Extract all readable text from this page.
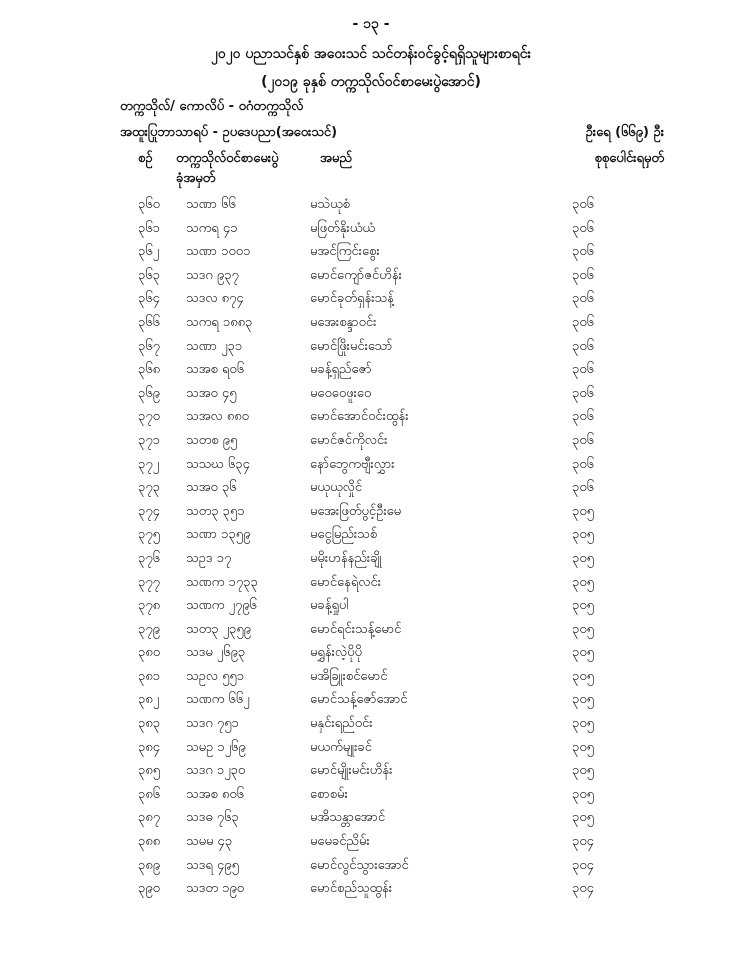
- ၁၃ -
၂၀၂၀ ပညာသင်နှစ် အဝေးသင် သင်တန်းဝင်ခွင့်ရရှိသူများစာရင်း
(၂၀၁၉ ခုနှစ် တက္ကသိုလ်ဝင်စာမေးပွဲအောင်)
တက္ကသိုလ်/ ကောလိပ် - ဝဂံတက္ကသိုလ်
အထူးပြုဘာသာရပ် - ဥပဒေပညာ(အဝေးသင်)	ဦးရေ (၆၆၉) ဦး
စဉ် တက္ကသိုလ်ဝင်စာမေးပွဲ
ခုံအမှတ်
အမည်	စုစုပေါင်းရမှတ်
၃၆၀ သဏာ ၆၆	မသဲယုစံ	၃၀၆
၃၆၁ သကရ ၄၁	မဖြတ်နိုးယံယံ	၃၀၆
၃၆၂ သဏာ ၁၀၀၁	မအင်ကြင်းစွေး	၃၀၆
၃၆၃ သဒဂ ၉၃၇	မောင်ကျော်ဇင်ဟိန်း	၃၀၆
၃၆၄ သဒလ ၈၇၄	မောင်ခုတ်ရှန်းသန့်	၃၀၆
၃၆၆ သကရ ၁၈၈၃	မအေးစန္ဒာဝင်း	၃၀၆
၃၆၇ သဏာ ၂၃၁	မောင်ဖြိုးမင်းသော်	၃၀၆
၃၆၈ သအစ ရ၀၆	မခန့်ရှည်ဇော်	၃၀၆
၃၆၉ သအ၀ ၄၅	မဝေဝေဖူးဝေ	၃၀၆
၃၇၀ သအလ ၈၈၀	မောင်အောင်ဝင်းထွန်း	၃၀၆
၃၇၁ သတစ ၉၅	မောင်ဇင်ကိုလင်း	၃၀၆
၃၇၂ သသဃ ၆၃၄	နော်ဘွေကဗျီးလွှား	၃၀၆
၃၇၃ သအ၀ ၃၆	မယုယုလှိုင်	၃၀၆
၃၇၄ သတ၃ ၃၅၁	မအေးဖြတ်ပွင့်ဦးမေ	၃၀၅
၃၇၅ သဏာ ၁၃၅၉	မငွေမြည်းသစ်	၃၀၅
၃၇၆ သဥဒ ၁၇	မမိုးဟန်နည်းချို	၃၀၅
၃၇၇ သဏက ၁၇၃၃	မောင်နေရဲလင်း	၃၀၅
၃၇၈ သဏက ၂၇၉၆	မခန့်ရှုပါ	၃၀၅
၃၇၉ သတ၃ ၂၃၅၉	မောင်ရင်းသန့်မောင်	၃၀၅
၃၈၀ သဒမ ၂၆၉၃	မရွှန်းလဲ့ပိုပို	၃၀၅
၃၈၁ သဥလ ၅၅၁	မအိခြူးစင်မောင်	၃၀၅
၃၈၂ သဏက ၆၆၂	မောင်သန့်ဇော်အောင်	၃၀၅
၃၈၃ သဒဂ ၇၅၁	မနှင်းရည်ဝင်း	၃၀၅
၃၈၄ သမဥ ၁၂၆၉	မယက်မျုးခင်	၃၀၅
၃၈၅ သဒဂ ၁၂၃၀	မောင်မျိုးမင်းဟိန်း	၃၀၅
၃၈၆ သအစ ၈၀၆	စောစမ်း	၃၀၅
၃၈၇ သဒဓ ၇၆၃	မအိသန္တာအောင်	၃၀၅
၃၈၈ သမမ ၄၃	မမေခင်ညိမ်း	၃၀၄
၃၈၉ သဒရ ၄၉၅	မောင်လွင်သွားအောင်	၃၀၄
၃၉၀ သဒတ ၁၉၀	မောင်စည်သူထွန်း	၃၀၄
